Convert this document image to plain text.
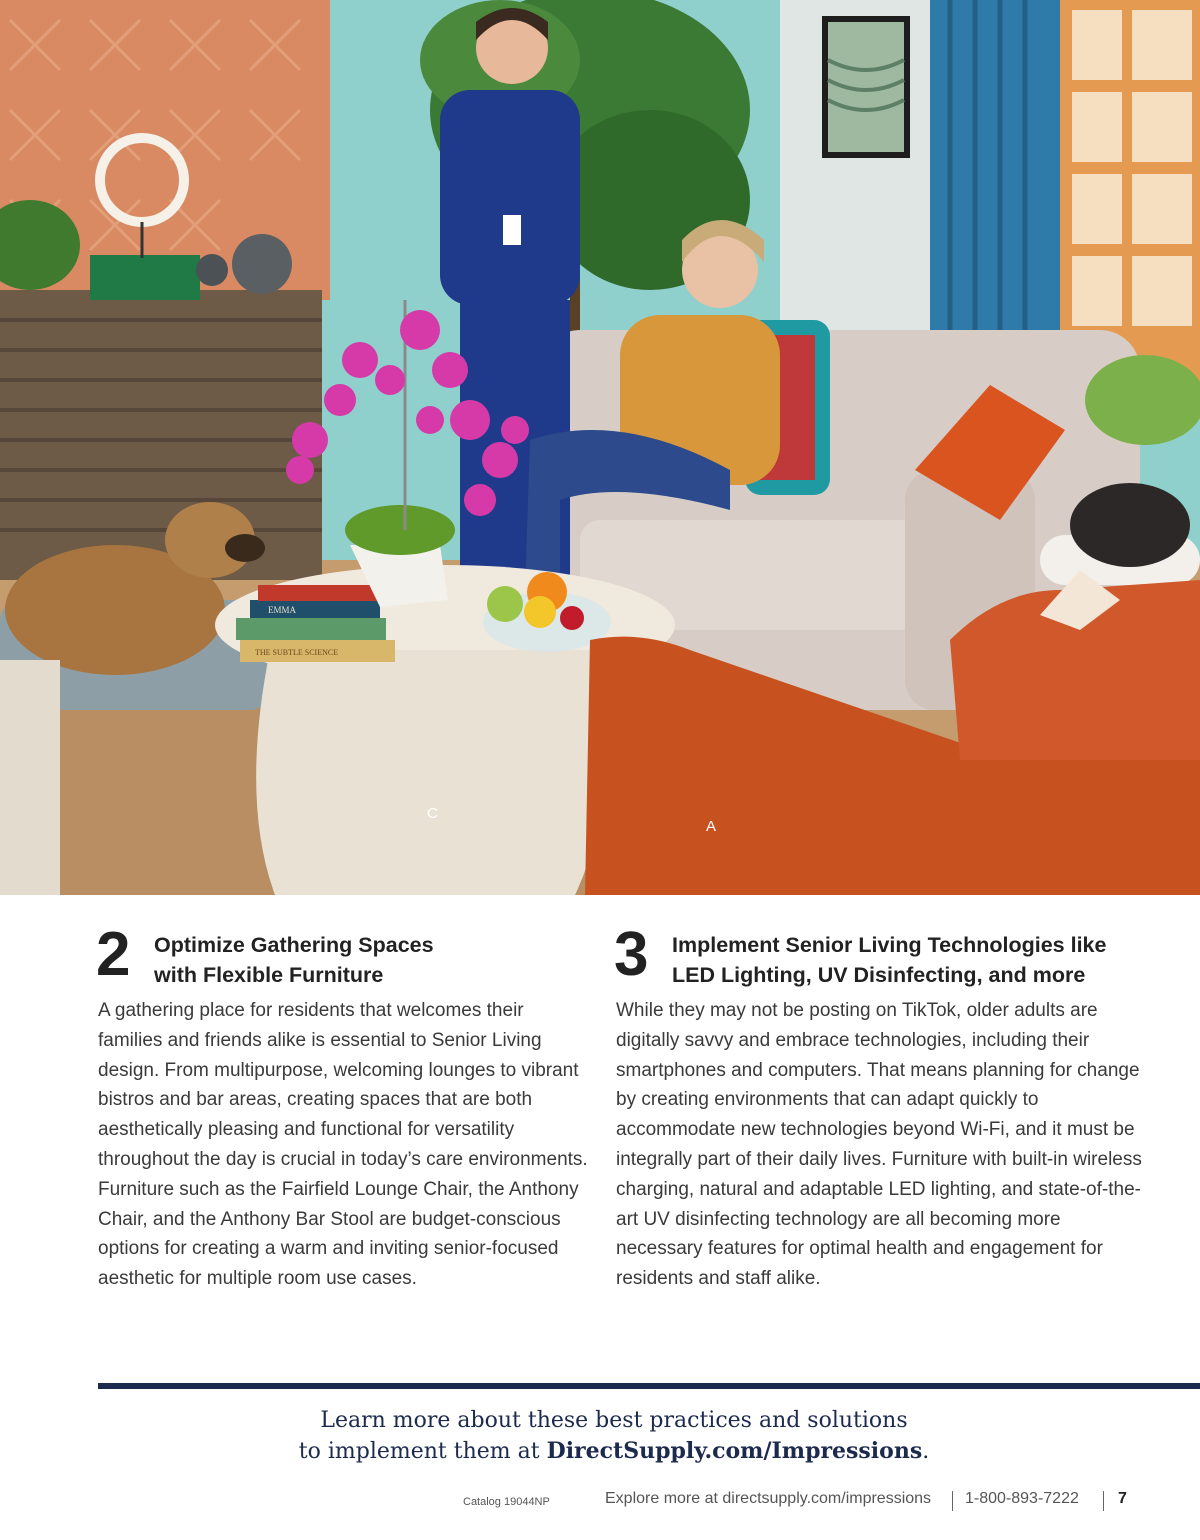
EMMA
THE SUBTLE SCIENCE
C
A
2 Optimize Gathering Spaces
with Flexible Furniture
A gathering place for residents that welcomes their families and friends alike is essential to Senior Living design. From multipurpose, welcoming lounges to vibrant bistros and bar areas, creating spaces that are both aesthetically pleasing and functional for versatility throughout the day is crucial in today’s care environments. Furniture such as the Fairfield Lounge Chair, the Anthony Chair, and the Anthony Bar Stool are budget-conscious options for creating a warm and inviting senior-focused aesthetic for multiple room use cases.
3 Implement Senior Living Technologies like
LED Lighting, UV Disinfecting, and more
While they may not be posting on TikTok, older adults are digitally savvy and embrace technologies, including their smartphones and computers. That means planning for change by creating environments that can adapt quickly to accommodate new technologies beyond Wi-Fi, and it must be integrally part of their daily lives. Furniture with built-in wireless charging, natural and adaptable LED lighting, and state-of-the-art UV disinfecting technology are all becoming more necessary features for optimal health and engagement for residents and staff alike.
Learn more about these best practices and solutions
to implement them at DirectSupply.com/Impressions.
Catalog 19044NP	Explore more at directsupply.com/impressions 1-800-893-7222 7
